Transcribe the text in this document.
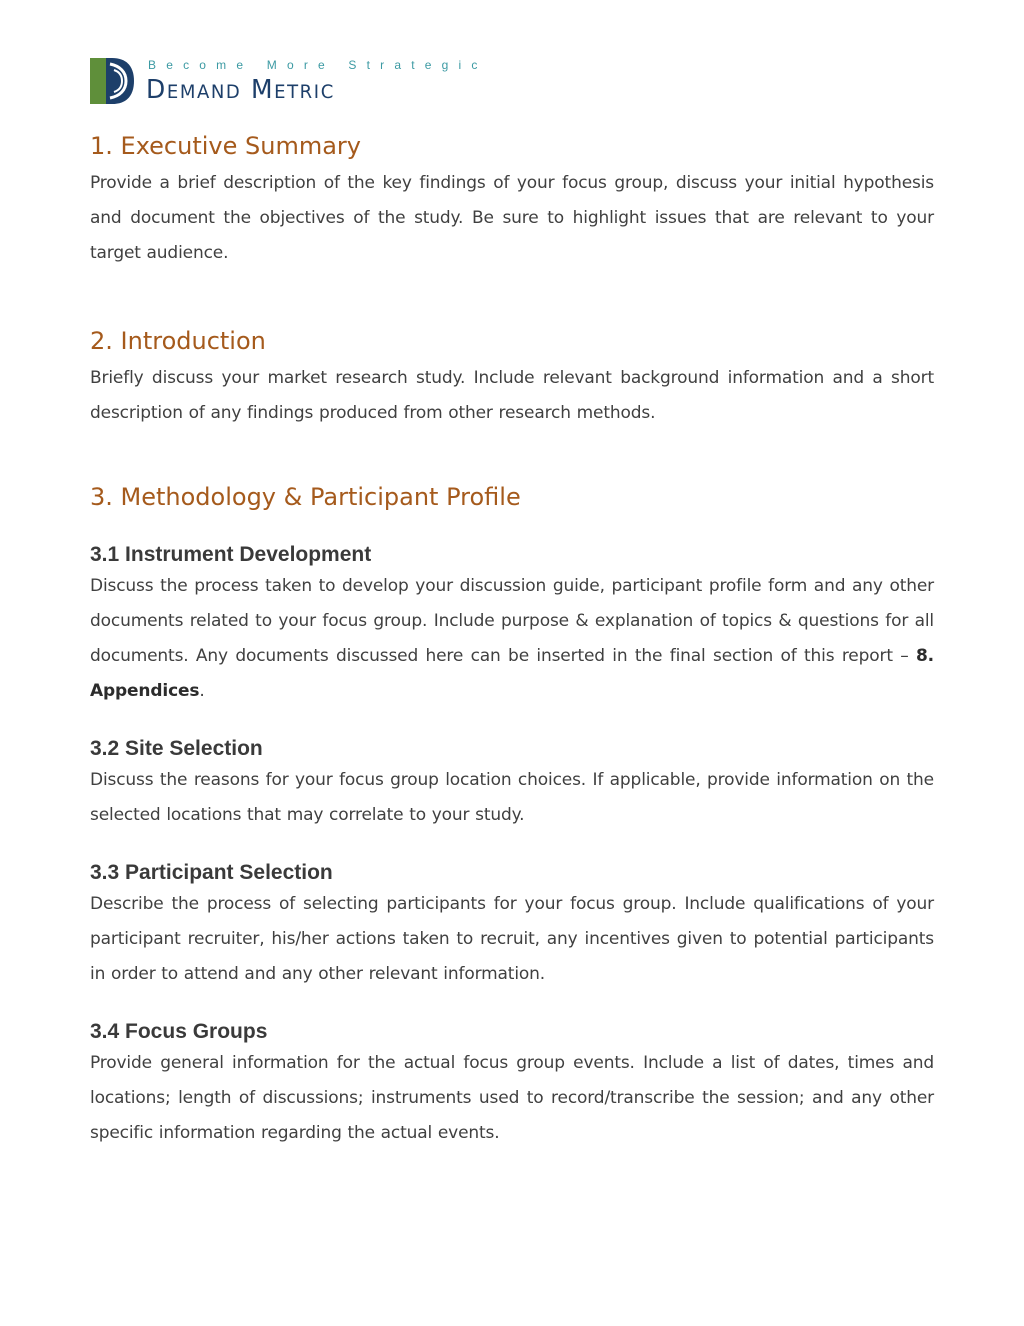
Become More Strategic
Demand Metric
1. Executive Summary

Provide a brief description of the key findings of your focus group, discuss your initial hypothesis and document the objectives of the study. Be sure to highlight issues that are relevant to your target audience.

2. Introduction

Briefly discuss your market research study. Include relevant background information and a short description of any findings produced from other research methods.

3. Methodology & Participant Profile
3.1 Instrument Development

Discuss the process taken to develop your discussion guide, participant profile form and any other documents related to your focus group. Include purpose & explanation of topics & questions for all documents. Any documents discussed here can be inserted in the final section of this report – 8. Appendices.

3.2 Site Selection

Discuss the reasons for your focus group location choices. If applicable, provide information on the selected locations that may correlate to your study.

3.3 Participant Selection

Describe the process of selecting participants for your focus group. Include qualifications of your participant recruiter, his/her actions taken to recruit, any incentives given to potential participants in order to attend and any other relevant information.

3.4 Focus Groups

Provide general information for the actual focus group events. Include a list of dates, times and locations; length of discussions; instruments used to record/transcribe the session; and any other specific information regarding the actual events.
